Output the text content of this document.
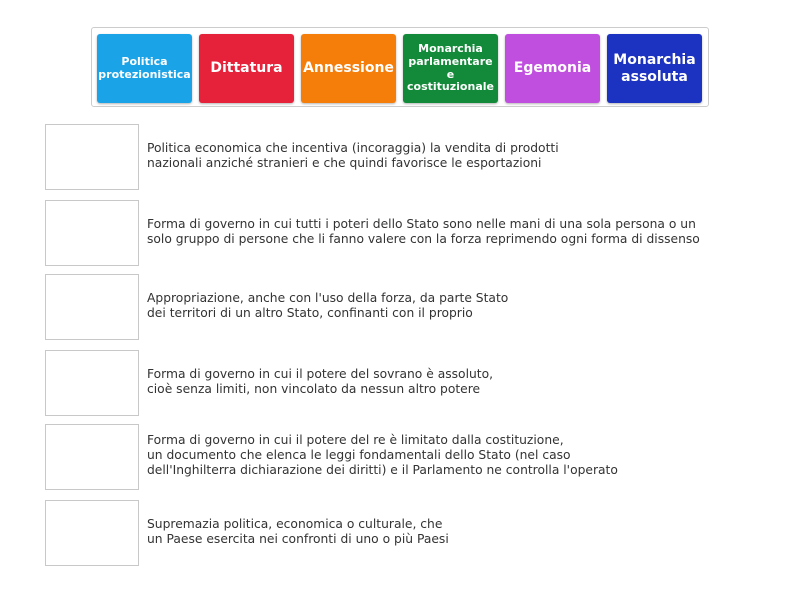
Politica protezionistica	Dittatura	Annessione
Monarchia parlamentare e costituzionale
Egemonia
Monarchia assoluta
Politica economica che incentiva (incoraggia) la vendita di prodotti
nazionali anziché stranieri e che quindi favorisce le esportazioni
Forma di governo in cui tutti i poteri dello Stato sono nelle mani di una sola persona o un
solo gruppo di persone che li fanno valere con la forza reprimendo ogni forma di dissenso
Appropriazione, anche con l'uso della forza, da parte Stato
dei territori di un altro Stato, confinanti con il proprio
Forma di governo in cui il potere del sovrano è assoluto,
cioè senza limiti, non vincolato da nessun altro potere
Forma di governo in cui il potere del re è limitato dalla costituzione,
un documento che elenca le leggi fondamentali dello Stato (nel caso
dell'Inghilterra dichiarazione dei diritti) e il Parlamento ne controlla l'operato
Supremazia politica, economica o culturale, che
un Paese esercita nei confronti di uno o più Paesi
